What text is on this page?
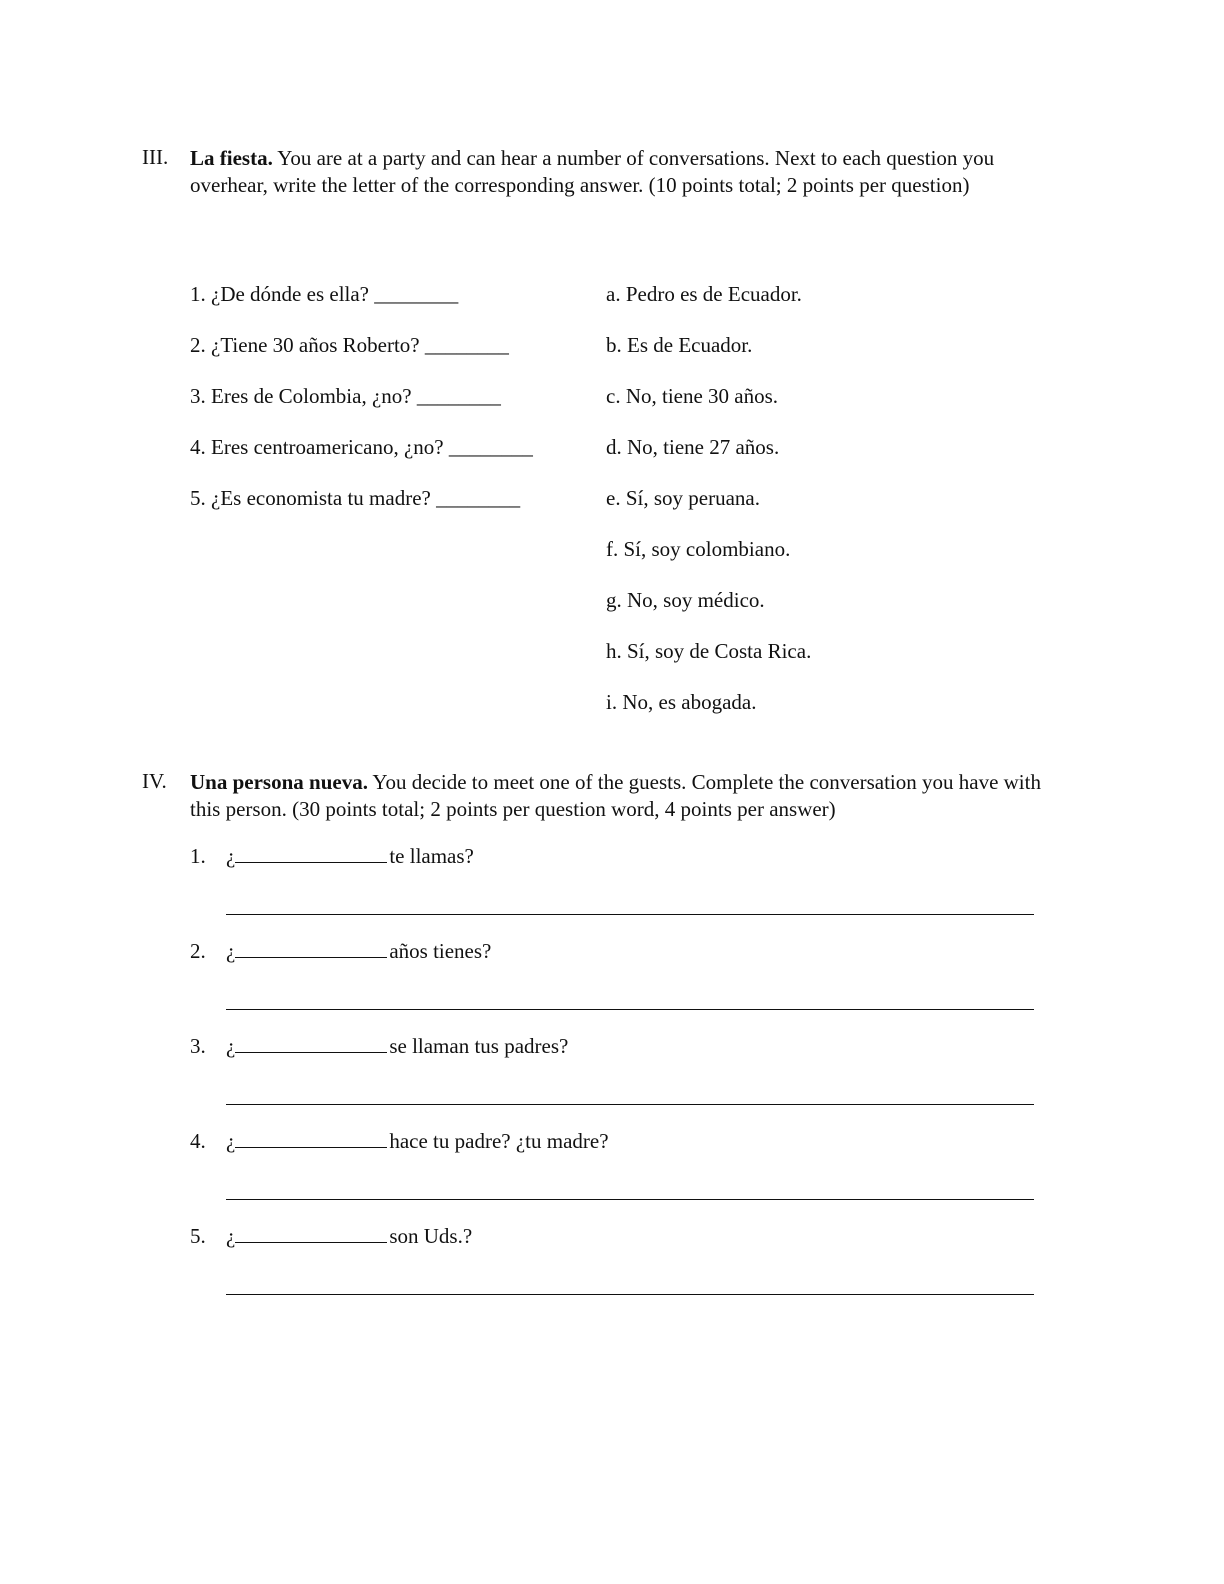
III. La fiesta. You are at a party and can hear a number of conversations. Next to each question you overhear, write the letter of the corresponding answer. (10 points total; 2 points per question)
1. ¿De dónde es ella? ________
2. ¿Tiene 30 años Roberto? ________
3. Eres de Colombia, ¿no? ________
4. Eres centroamericano, ¿no? ________
5. ¿Es economista tu madre? ________
a. Pedro es de Ecuador.
b. Es de Ecuador.
c. No, tiene 30 años.
d. No, tiene 27 años.
e. Sí, soy peruana.
f. Sí, soy colombiano.
g. No, soy médico.
h. Sí, soy de Costa Rica.
i. No, es abogada.
IV. Una persona nueva. You decide to meet one of the guests. Complete the conversation you have with this person. (30 points total; 2 points per question word, 4 points per answer)
1. ¿	te llamas?
2. ¿	años tienes?
3. ¿	se llaman tus padres?
4. ¿	hace tu padre? ¿tu madre?
5. ¿	son Uds.?
